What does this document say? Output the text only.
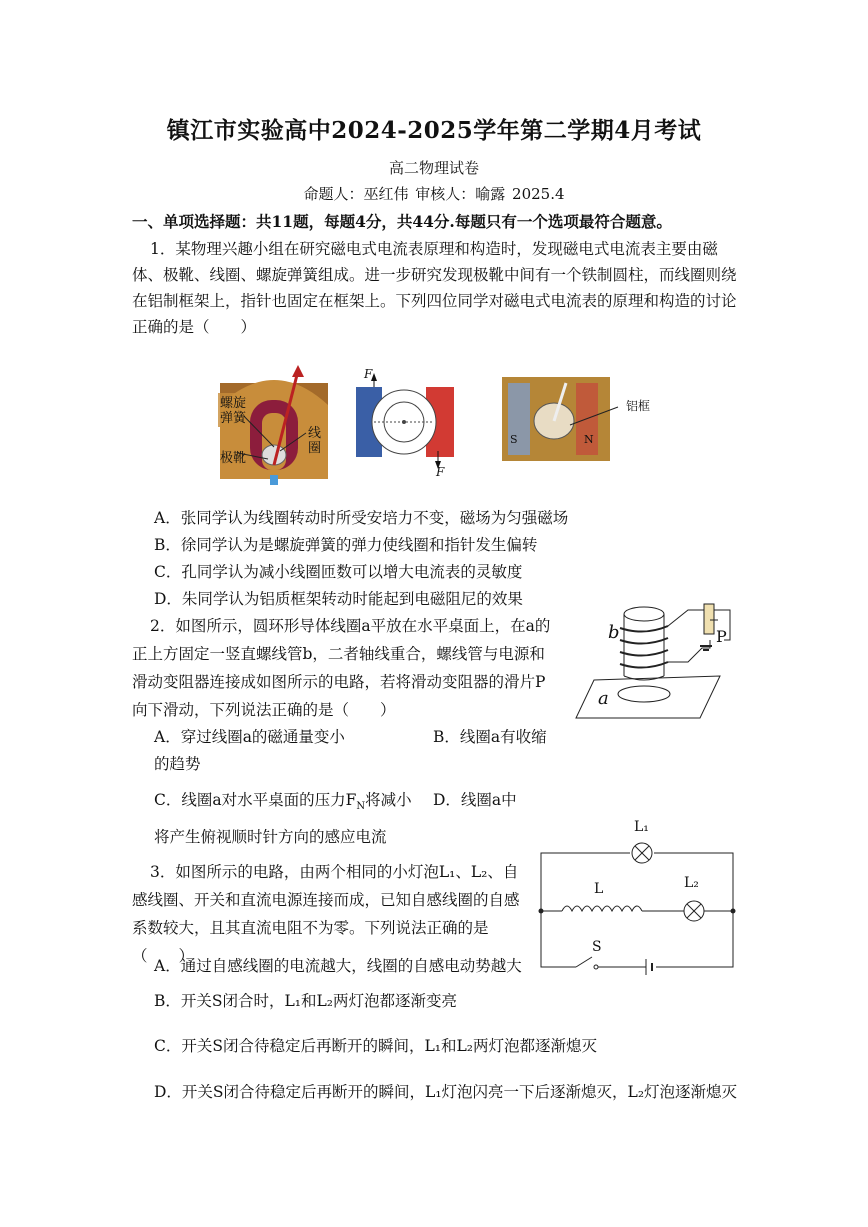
镇江市实验高中2024-2025学年第二学期4月考试
高二物理试卷
命题人：巫红伟 审核人：喻露 2025.4
一、单项选择题：共11题，每题4分，共44分.每题只有一个选项最符合题意。
1．某物理兴趣小组在研究磁电式电流表原理和构造时，发现磁电式电流表主要由磁体、极靴、线圈、螺旋弹簧组成。进一步研究发现极靴中间有一个铁制圆柱，而线圈则绕在铝制框架上，指针也固定在框架上。下列四位同学对磁电式电流表的原理和构造的讨论正确的是（　　）
螺旋
弹簧
极靴
线
圈
F
F
铝框
S	N
A．张同学认为线圈转动时所受安培力不变，磁场为匀强磁场
B．徐同学认为是螺旋弹簧的弹力使线圈和指针发生偏转
C．孔同学认为减小线圈匝数可以增大电流表的灵敏度
D．朱同学认为铝质框架转动时能起到电磁阻尼的效果
2．如图所示，圆环形导体线圈a平放在水平桌面上，在a的正上方固定一竖直螺线管b，二者轴线重合，螺线管与电源和滑动变阻器连接成如图所示的电路，若将滑动变阻器的滑片P向下滑动，下列说法正确的是（　　）
P
b
a
A．穿过线圈a的磁通量变小	B．线圈a有收缩
的趋势
C．线圈a对水平桌面的压力$F_N$将减小 D．线圈a中
将产生俯视顺时针方向的感应电流
3．如图所示的电路，由两个相同的小灯泡L₁、L₂、自感线圈、开关和直流电源连接而成，已知自感线圈的自感系数较大，且其直流电阻不为零。下列说法正确的是（　　）
L₁
L	L₂
S
A．通过自感线圈的电流越大，线圈的自感电动势越大
B．开关S闭合时，L₁和L₂两灯泡都逐渐变亮
C．开关S闭合待稳定后再断开的瞬间，L₁和L₂两灯泡都逐渐熄灭
D．开关S闭合待稳定后再断开的瞬间，L₁灯泡闪亮一下后逐渐熄灭，L₂灯泡逐渐熄灭
